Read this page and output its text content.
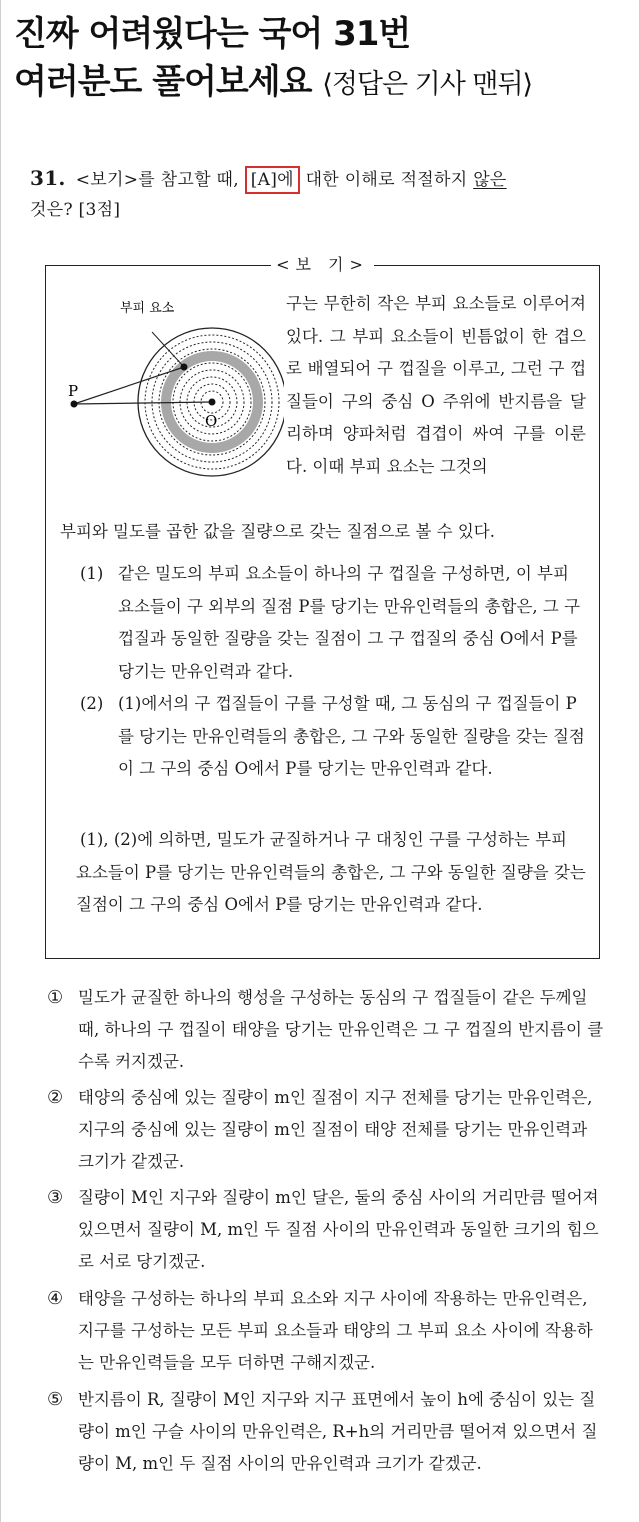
진짜 어려웠다는 국어 31번
여러분도 풀어보세요 ⟨정답은 기사 맨뒤⟩
31. <보기>를 참고할 때, [A]에 대한 이해로 적절하지 않은
것은? [3점]
<보 기>
부피 요소
P
O
구는 무한히 작은 부피 요소들로 이루어져 있다. 그 부피 요소들이 빈틈없이 한 겹으로 배열되어 구 껍질을 이루고, 그런 구 껍질들이 구의 중심 O 주위에 반지름을 달리하며 양파처럼 겹겹이 싸여 구를 이룬다. 이때 부피 요소는 그것의
부피와 밀도를 곱한 값을 질량으로 갖는 질점으로 볼 수 있다.
(1) 같은 밀도의 부피 요소들이 하나의 구 껍질을 구성하면, 이 부피 요소들이 구 외부의 질점 P를 당기는 만유인력들의 총합은, 그 구 껍질과 동일한 질량을 갖는 질점이 그 구 껍질의 중심 O에서 P를 당기는 만유인력과 같다.
(2) (1)에서의 구 껍질들이 구를 구성할 때, 그 동심의 구 껍질들이 P를 당기는 만유인력들의 총합은, 그 구와 동일한 질량을 갖는 질점이 그 구의 중심 O에서 P를 당기는 만유인력과 같다.
(1), (2)에 의하면, 밀도가 균질하거나 구 대칭인 구를 구성하는 부피 요소들이 P를 당기는 만유인력들의 총합은, 그 구와 동일한 질량을 갖는 질점이 그 구의 중심 O에서 P를 당기는 만유인력과 같다.
① 밀도가 균질한 하나의 행성을 구성하는 동심의 구 껍질들이 같은 두께일 때, 하나의 구 껍질이 태양을 당기는 만유인력은 그 구 껍질의 반지름이 클수록 커지겠군.
② 태양의 중심에 있는 질량이 m인 질점이 지구 전체를 당기는 만유인력은, 지구의 중심에 있는 질량이 m인 질점이 태양 전체를 당기는 만유인력과 크기가 같겠군.
③ 질량이 M인 지구와 질량이 m인 달은, 둘의 중심 사이의 거리만큼 떨어져 있으면서 질량이 M, m인 두 질점 사이의 만유인력과 동일한 크기의 힘으로 서로 당기겠군.
④ 태양을 구성하는 하나의 부피 요소와 지구 사이에 작용하는 만유인력은, 지구를 구성하는 모든 부피 요소들과 태양의 그 부피 요소 사이에 작용하는 만유인력들을 모두 더하면 구해지겠군.
⑤ 반지름이 R, 질량이 M인 지구와 지구 표면에서 높이 h에 중심이 있는 질량이 m인 구슬 사이의 만유인력은, R+h의 거리만큼 떨어져 있으면서 질량이 M, m인 두 질점 사이의 만유인력과 크기가 같겠군.
